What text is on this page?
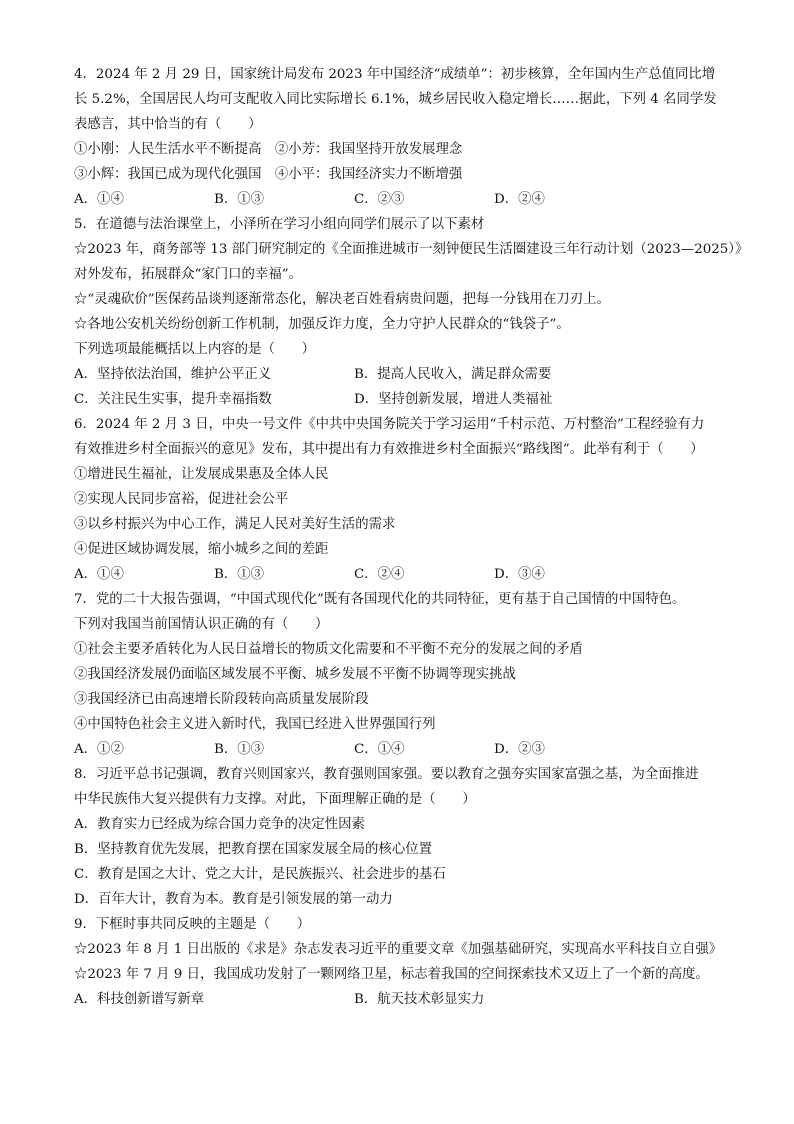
4．2024 年 2 月 29 日，国家统计局发布 2023 年中国经济“成绩单”：初步核算，全年国内生产总值同比增
长 5.2%，全国居民人均可支配收入同比实际增长 6.1%，城乡居民收入稳定增长……据此，下列 4 名同学发
表感言，其中恰当的有（　　）
①小刚：人民生活水平不断提高　②小芳：我国坚持开放发展理念
③小辉：我国已成为现代化强国　④小平：我国经济实力不断增强
A．①④	B．①③	C．②③	D．②④
5．在道德与法治课堂上，小泽所在学习小组向同学们展示了以下素材
☆2023 年，商务部等 13 部门研究制定的《全面推进城市一刻钟便民生活圈建设三年行动计划（2023—2025）》
对外发布，拓展群众“家门口的幸福”。
☆“灵魂砍价”医保药品谈判逐渐常态化，解决老百姓看病贵问题，把每一分钱用在刀刃上。
☆各地公安机关纷纷创新工作机制，加强反诈力度，全力守护人民群众的“钱袋子”。
下列选项最能概括以上内容的是（　　）
A．坚持依法治国，维护公平正义	B．提高人民收入，满足群众需要
C．关注民生实事，提升幸福指数	D．坚持创新发展，增进人类福祉
6．2024 年 2 月 3 日，中央一号文件《中共中央国务院关于学习运用“千村示范、万村整治”工程经验有力
有效推进乡村全面振兴的意见》发布，其中提出有力有效推进乡村全面振兴“路线图”。此举有利于（　　）
①增进民生福祉，让发展成果惠及全体人民
②实现人民同步富裕，促进社会公平
③以乡村振兴为中心工作，满足人民对美好生活的需求
④促进区域协调发展，缩小城乡之间的差距
A．①④	B．①③	C．②④	D．③④
7．党的二十大报告强调，“中国式现代化”既有各国现代化的共同特征，更有基于自己国情的中国特色。
下列对我国当前国情认识正确的有（　　）
①社会主要矛盾转化为人民日益增长的物质文化需要和不平衡不充分的发展之间的矛盾
②我国经济发展仍面临区域发展不平衡、城乡发展不平衡不协调等现实挑战
③我国经济已由高速增长阶段转向高质量发展阶段
④中国特色社会主义进入新时代，我国已经进入世界强国行列
A．①②	B．①③	C．①④	D．②③
8．习近平总书记强调，教育兴则国家兴，教育强则国家强。要以教育之强夯实国家富强之基，为全面推进
中华民族伟大复兴提供有力支撑。对此，下面理解正确的是（　　）
A．教育实力已经成为综合国力竞争的决定性因素
B．坚持教育优先发展，把教育摆在国家发展全局的核心位置
C．教育是国之大计、党之大计，是民族振兴、社会进步的基石
D．百年大计，教育为本。教育是引领发展的第一动力
9．下框时事共同反映的主题是（　　）
☆2023 年 8 月 1 日出版的《求是》杂志发表习近平的重要文章《加强基础研究，实现高水平科技自立自强》
☆2023 年 7 月 9 日，我国成功发射了一颗网络卫星，标志着我国的空间探索技术又迈上了一个新的高度。
A．科技创新谱写新章	B．航天技术彰显实力
